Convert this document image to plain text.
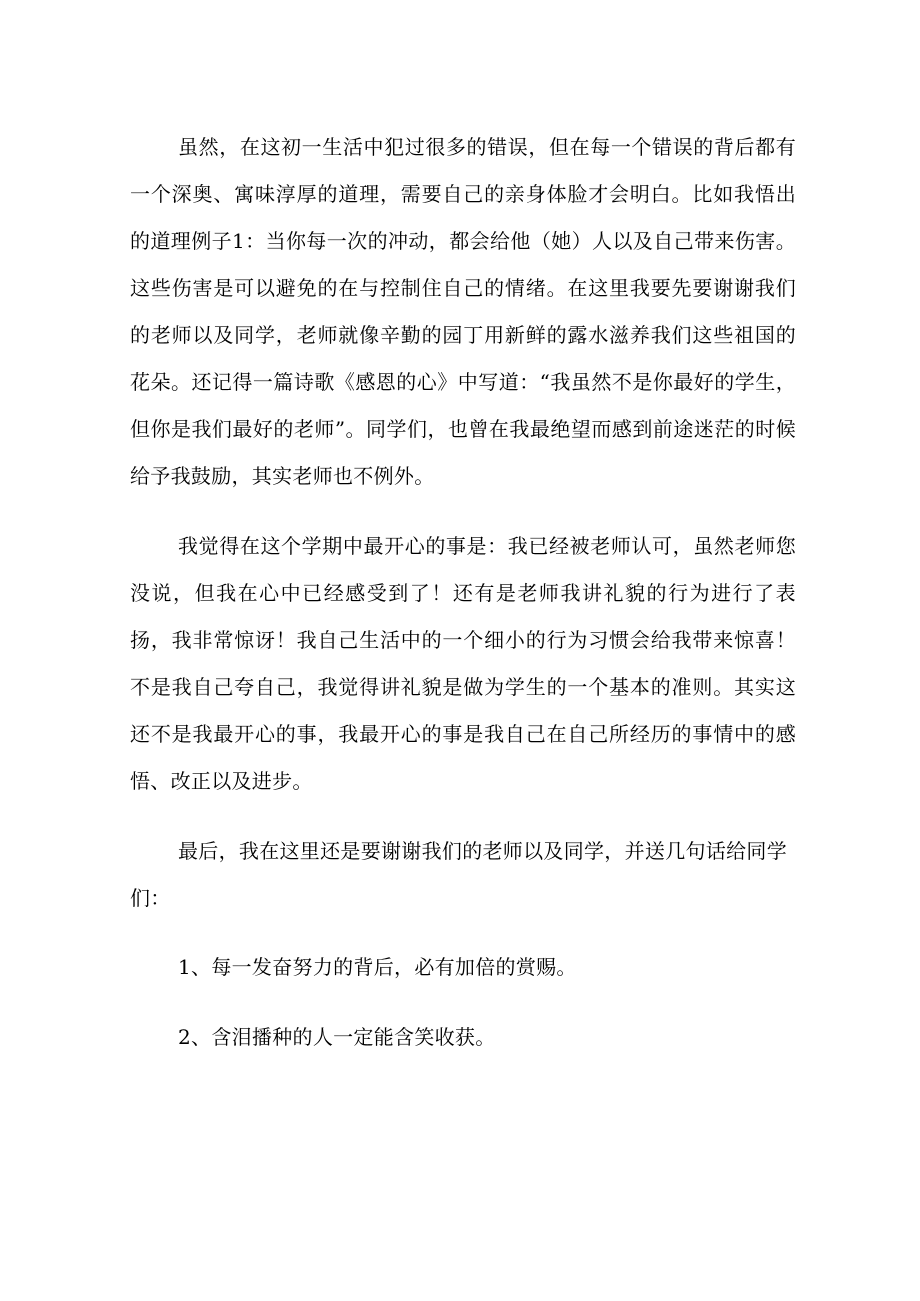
虽然，在这初一生活中犯过很多的错误，但在每一个错误的背后都有一个深奥、寓味淳厚的道理，需要自己的亲身体脸才会明白。比如我悟出的道理例子1：当你每一次的冲动，都会给他（她）人以及自己带来伤害。这些伤害是可以避免的在与控制住自己的情绪。在这里我要先要谢谢我们的老师以及同学，老师就像辛勤的园丁用新鲜的露水滋养我们这些祖国的花朵。还记得一篇诗歌《感恩的心》中写道：“我虽然不是你最好的学生，但你是我们最好的老师”。同学们，也曾在我最绝望而感到前途迷茫的时候给予我鼓励，其实老师也不例外。

我觉得在这个学期中最开心的事是：我已经被老师认可，虽然老师您没说，但我在心中已经感受到了！还有是老师我讲礼貌的行为进行了表扬，我非常惊讶！我自己生活中的一个细小的行为习惯会给我带来惊喜！不是我自己夸自己，我觉得讲礼貌是做为学生的一个基本的准则。其实这还不是我最开心的事，我最开心的事是我自己在自己所经历的事情中的感悟、改正以及进步。

最后，我在这里还是要谢谢我们的老师以及同学，并送几句话给同学们：

1、每一发奋努力的背后，必有加倍的赏赐。

2、含泪播种的人一定能含笑收获。
